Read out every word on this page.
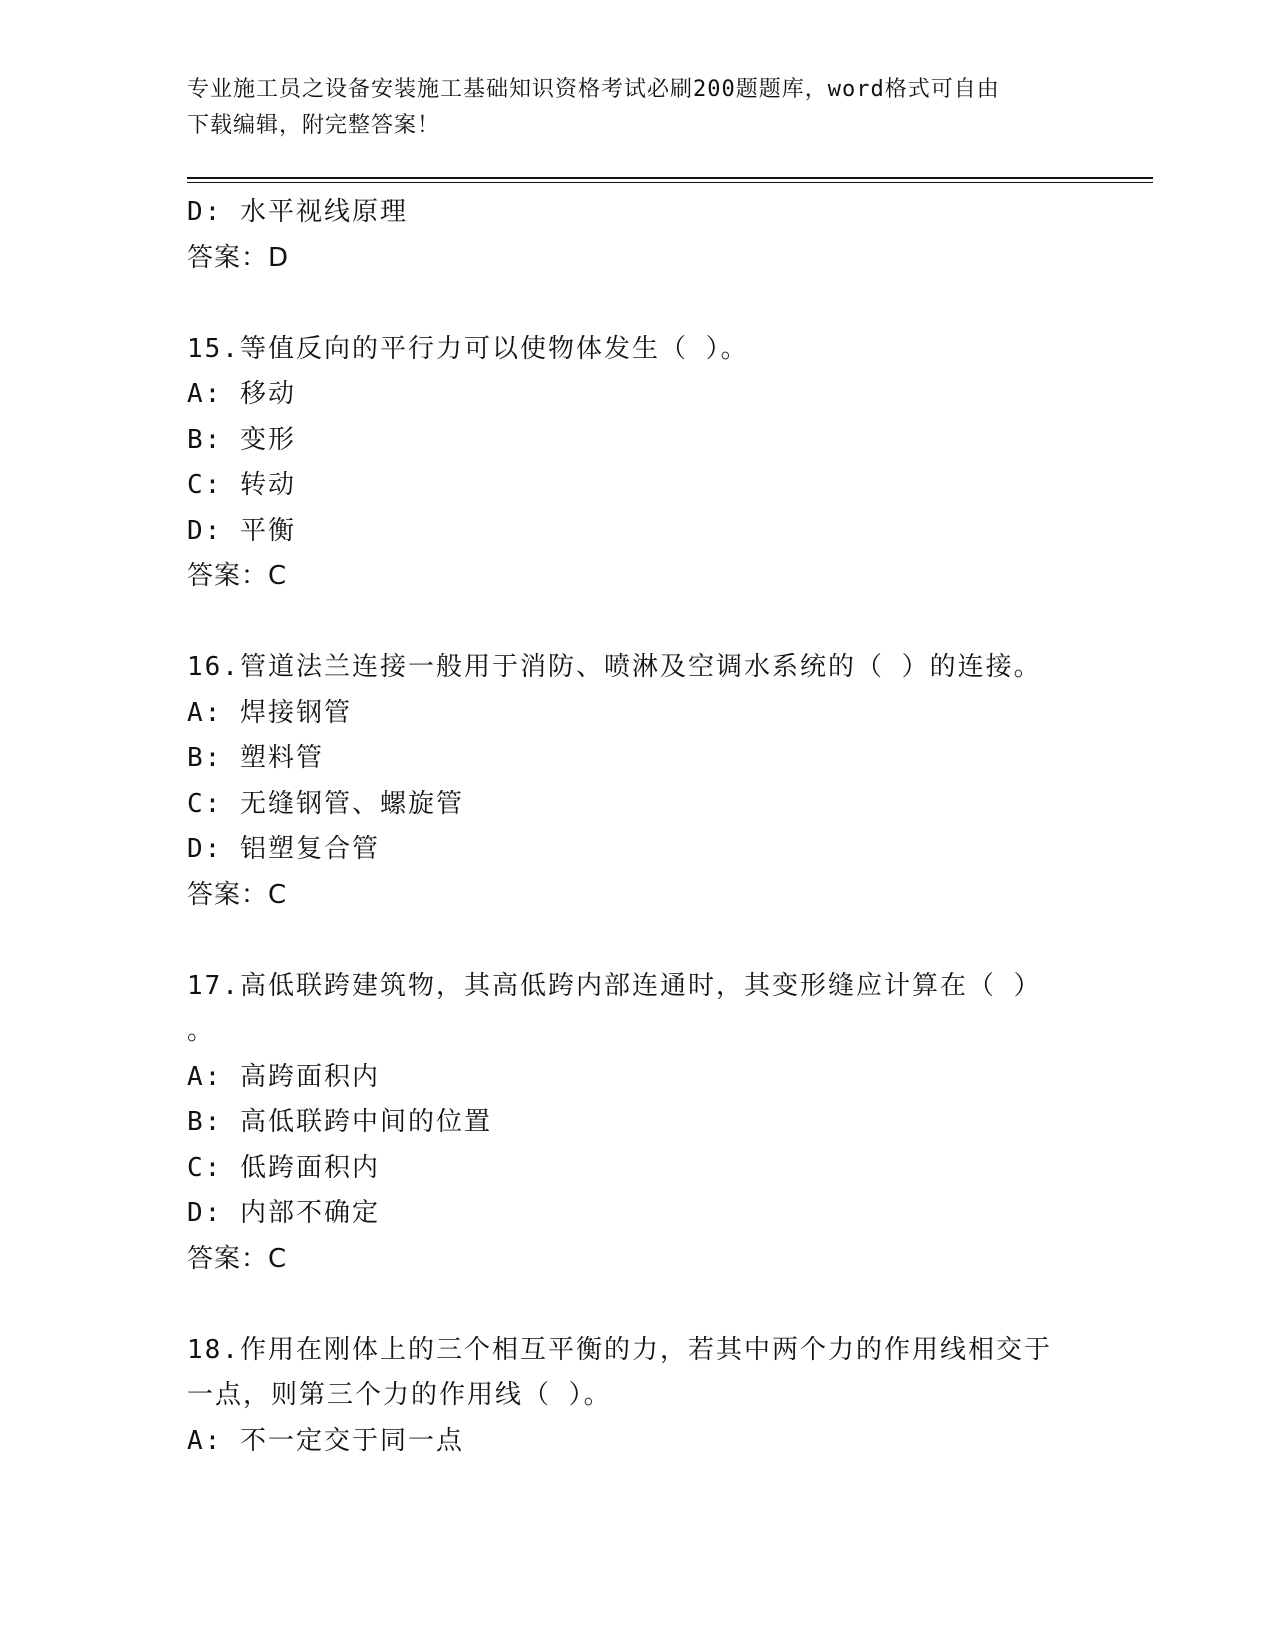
专业施工员之设备安装施工基础知识资格考试必刷200题题库，word格式可自由
下载编辑，附完整答案！
D: 水平视线原理
答案：D
15.等值反向的平行力可以使物体发生（ ）。
A: 移动
B: 变形
C: 转动
D: 平衡
答案：C
16.管道法兰连接一般用于消防、喷淋及空调水系统的（ ）的连接。
A: 焊接钢管
B: 塑料管
C: 无缝钢管、螺旋管
D: 铝塑复合管
答案：C
17.高低联跨建筑物，其高低跨内部连通时，其变形缝应计算在（ ）
。
A: 高跨面积内
B: 高低联跨中间的位置
C: 低跨面积内
D: 内部不确定
答案：C
18.作用在刚体上的三个相互平衡的力，若其中两个力的作用线相交于
一点，则第三个力的作用线（ ）。
A: 不一定交于同一点
